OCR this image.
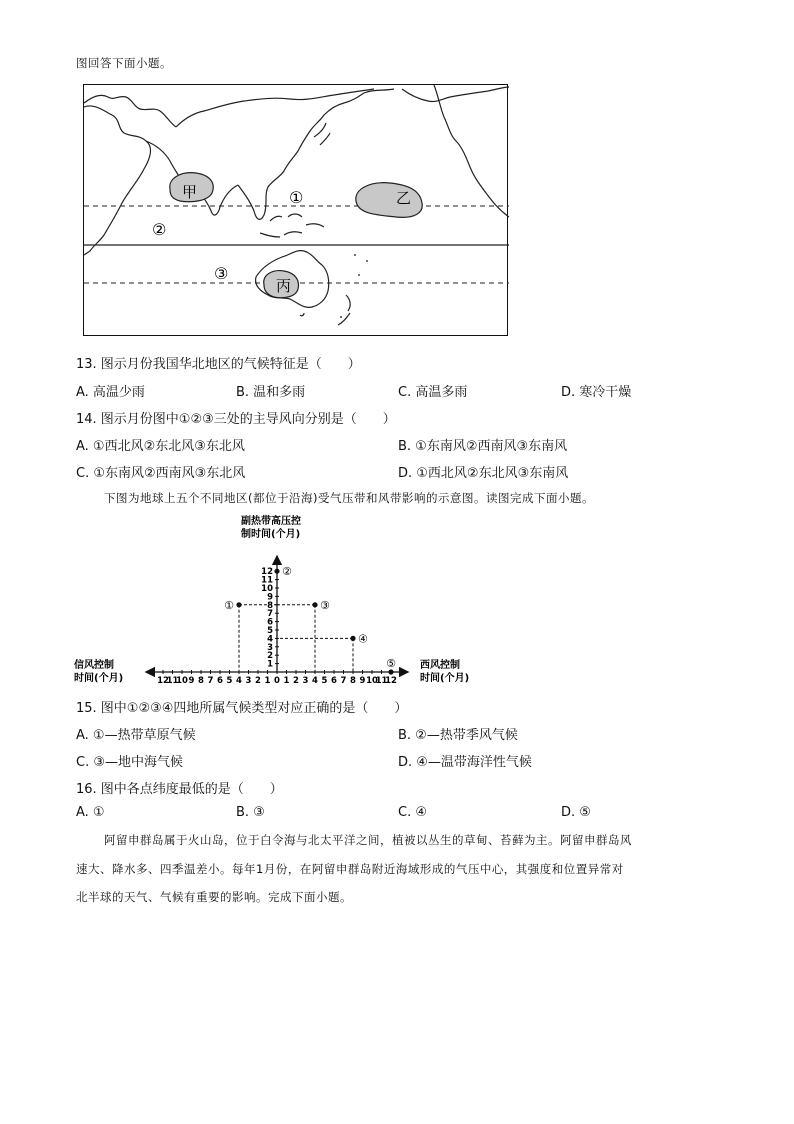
图回答下面小题。
甲	乙
丙
①
②
③
13. 图示月份我国华北地区的气候特征是（　　）
A. 高温少雨	B. 温和多雨	C. 高温多雨	D. 寒冷干燥
14. 图示月份图中①②③三处的主导风向分别是（　　）
A. ①西北风②东北风③东北风	B. ①东南风②西南风③东南风
C. ①东南风②西南风③东北风	D. ①西北风②东北风③东南风
下图为地球上五个不同地区(都位于沿海)受气压带和风带影响的示意图。读图完成下面小题。
12
11
10 9 8 7 6 5 4 3 2 1 0 1 2 3 4 5 6 7 8 9 10
11
12
12
11
10
9
8
7
6
5
4
3
2
1
①
②
③
④
⑤
副热带高压控
制时间(个月)
信风控制
时间(个月)
西风控制
时间(个月)
15. 图中①②③④四地所属气候类型对应正确的是（　　）
A. ①—热带草原气候	B. ②—热带季风气候
C. ③—地中海气候	D. ④—温带海洋性气候
16. 图中各点纬度最低的是（　　）
A. ①	B. ③	C. ④	D. ⑤
阿留申群岛属于火山岛，位于白令海与北太平洋之间，植被以丛生的草甸、苔藓为主。阿留申群岛风
速大、降水多、四季温差小。每年1月份，在阿留申群岛附近海域形成的气压中心，其强度和位置异常对
北半球的天气、气候有重要的影响。完成下面小题。
